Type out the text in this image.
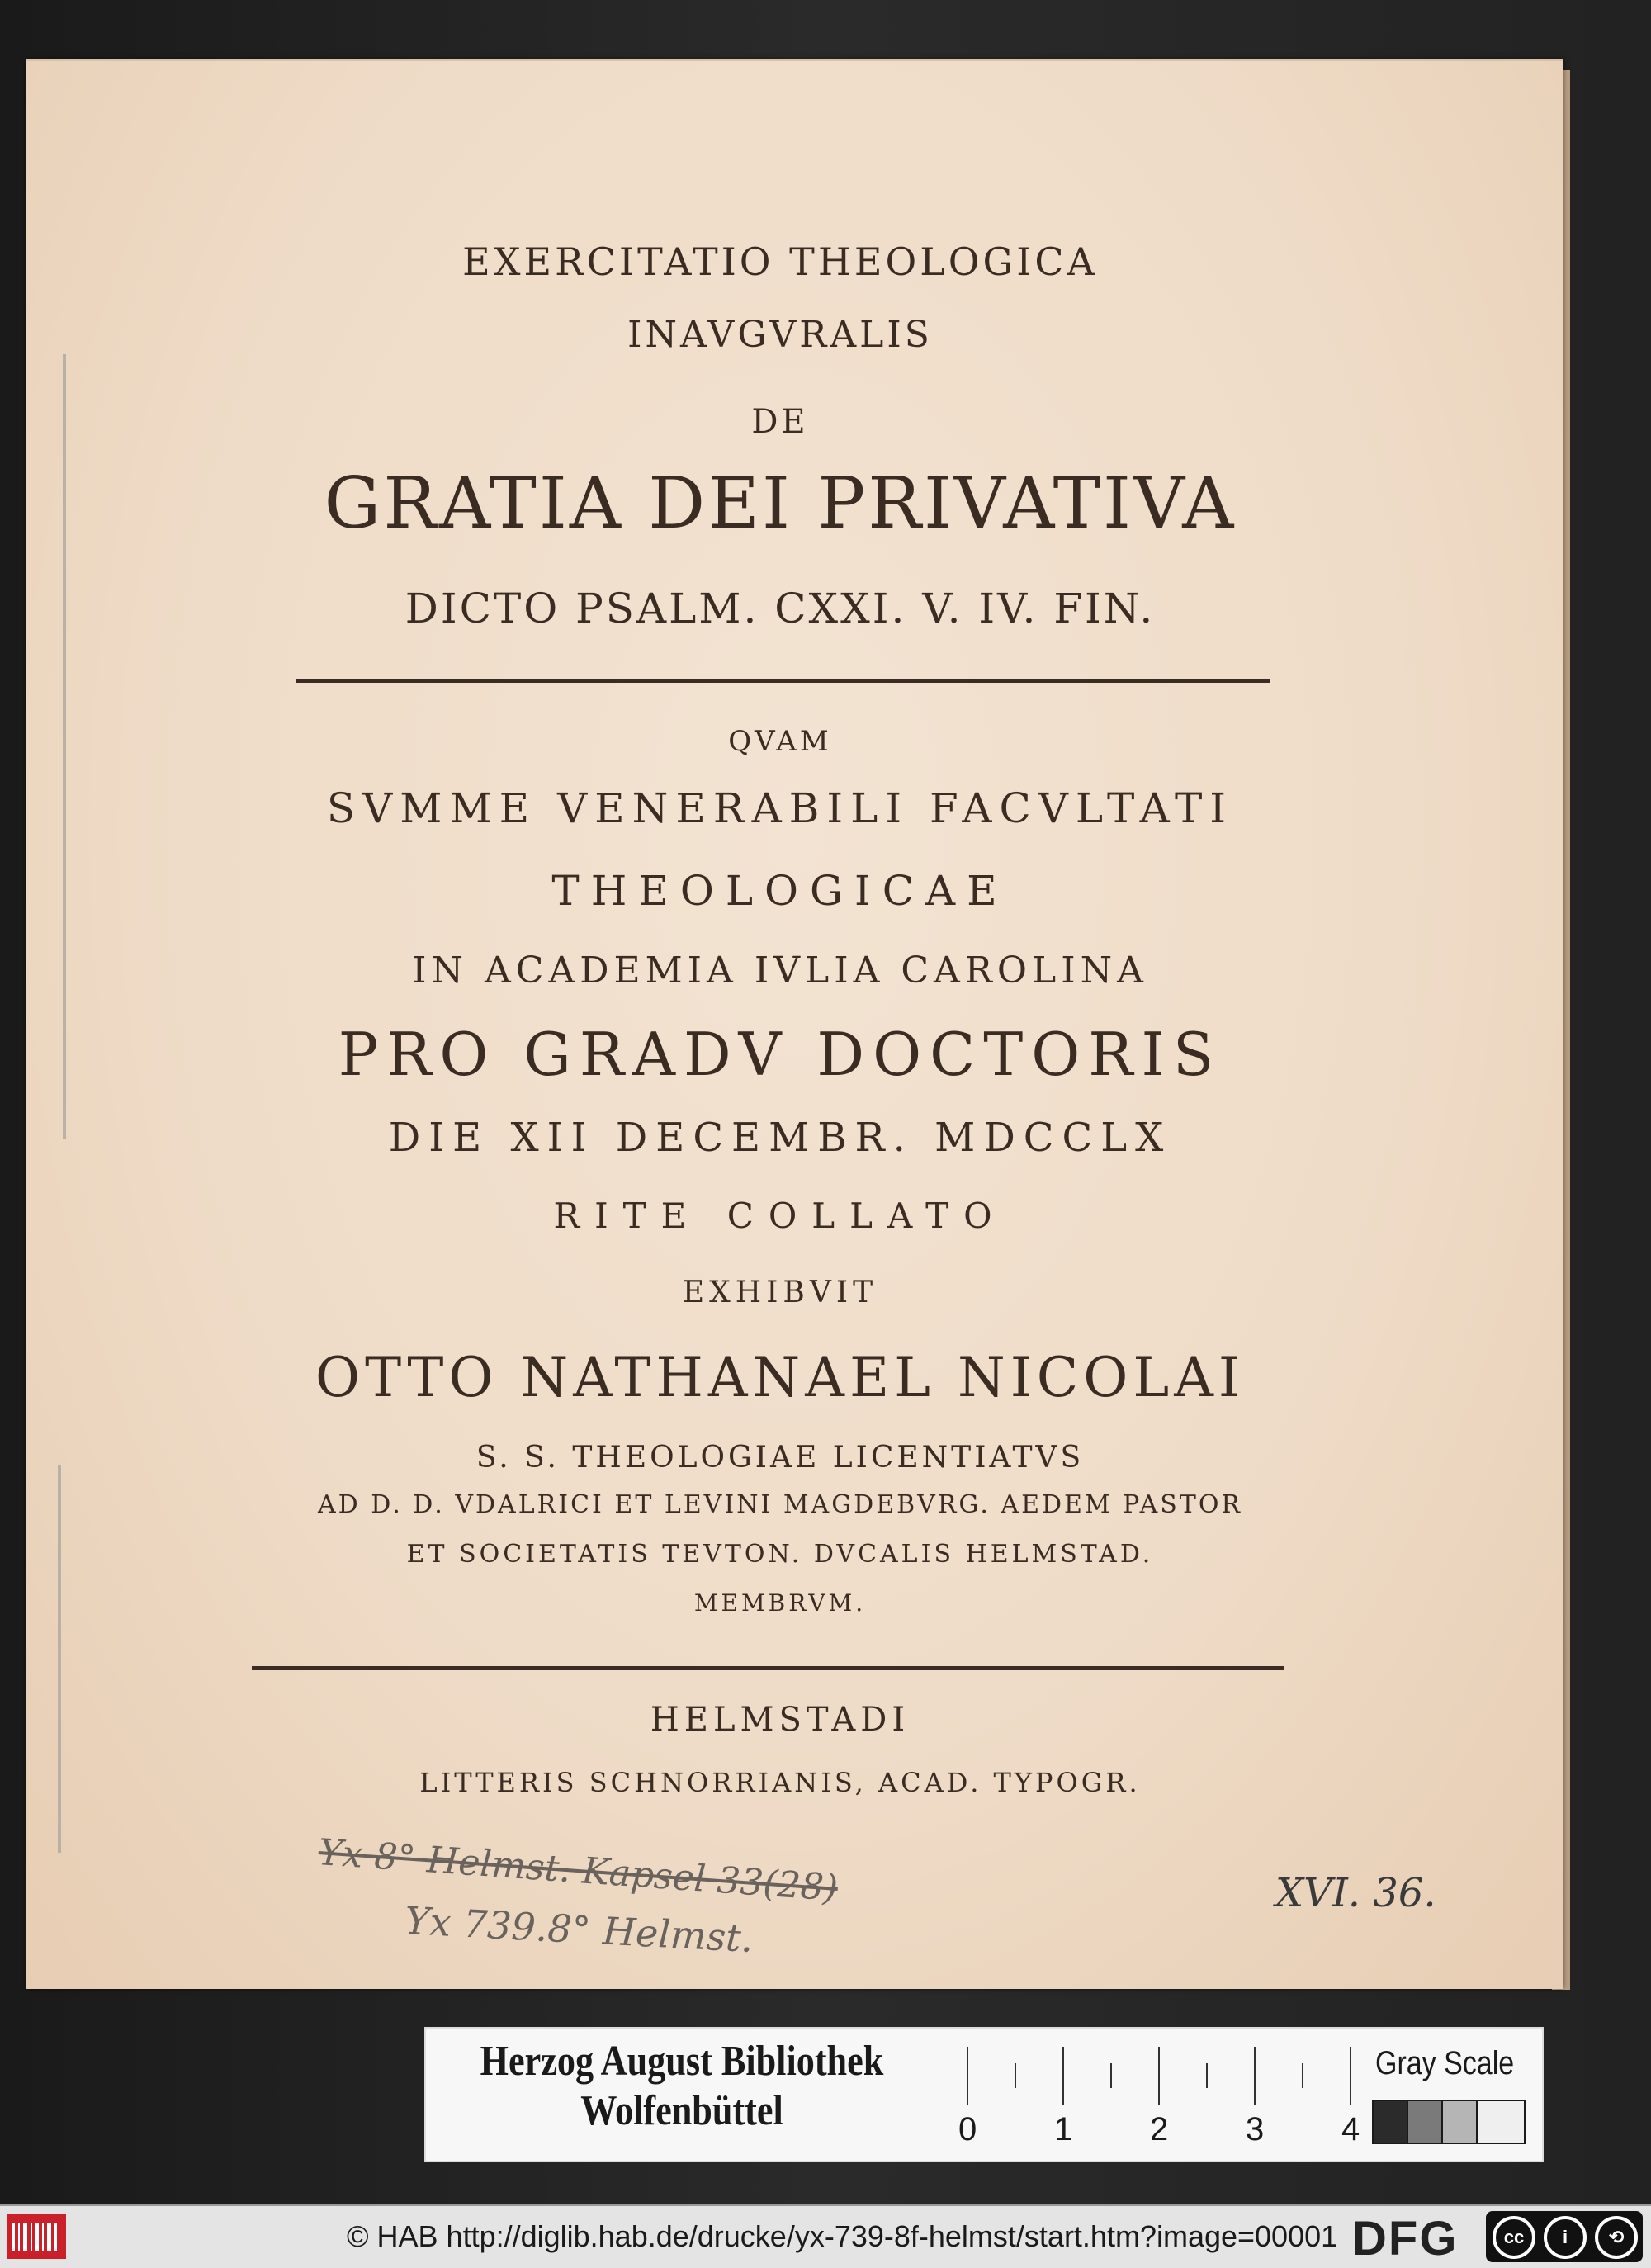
EXERCITATIO THEOLOGICA
INAVGVRALIS
DE
GRATIA DEI PRIVATIVA
DICTO PSALM. CXXI. V. IV. FIN.
QVAM
SVMME VENERABILI FACVLTATI
THEOLOGICAE
IN ACADEMIA IVLIA CAROLINA
PRO GRADV DOCTORIS
DIE XII DECEMBR. MDCCLX
RITE COLLATO
EXHIBVIT
OTTO NATHANAEL NICOLAI
S. S. THEOLOGIAE LICENTIATVS
AD D. D. VDALRICI ET LEVINI MAGDEBVRG. AEDEM PASTOR
ET SOCIETATIS TEVTON. DVCALIS HELMSTAD.
MEMBRVM.
HELMSTADI
LITTERIS SCHNORRIANIS, ACAD. TYPOGR.
Yx 8° Helmst. Kapsel 33(28)
Yx 739.8° Helmst.
XVI. 36.
Herzog August Bibliothek
Wolfenbüttel	0 1 2 3 4
Gray Scale
© HAB http://diglib.hab.de/drucke/yx-739-8f-helmst/start.htm?image=00001 DFG	cc	i	⟲
